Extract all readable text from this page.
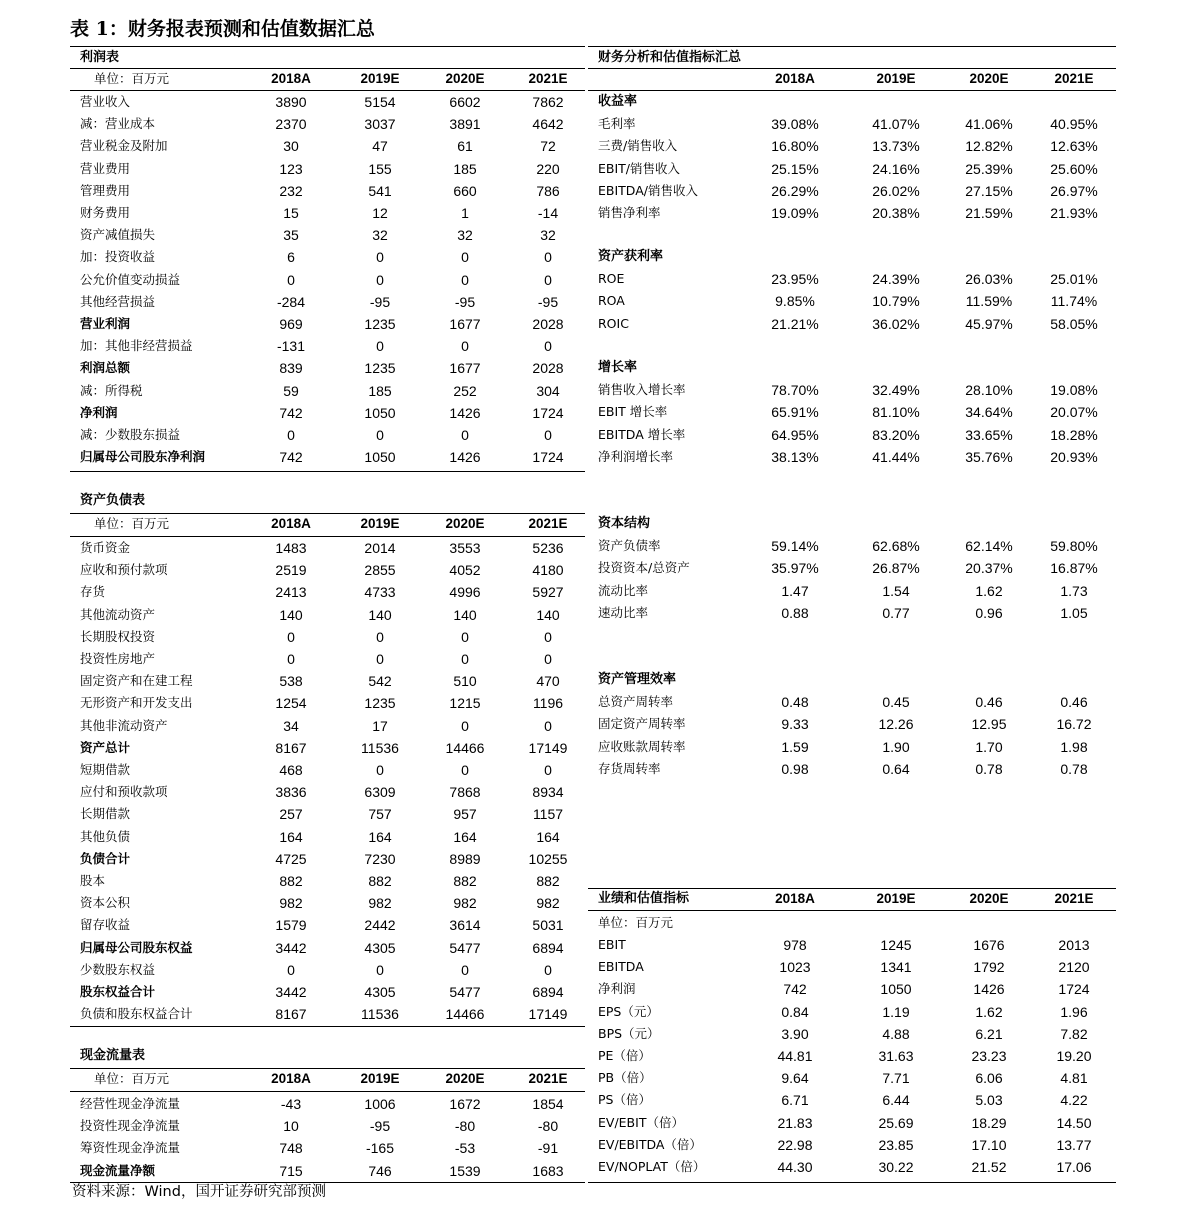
表 1：财务报表预测和估值数据汇总
利润表
单位：百万元	2018A	2019E	2020E	2021E
营业收入	3890	5154	6602	7862
减：营业成本	2370	3037	3891	4642
营业税金及附加	30	47	61	72
营业费用	123	155	185	220
管理费用	232	541	660	786
财务费用	15	12	1	-14
资产减值损失	35	32	32	32
加：投资收益	6	0	0	0
公允价值变动损益	0	0	0	0
其他经营损益	-284	-95	-95	-95
营业利润	969	1235	1677	2028
加：其他非经营损益	-131	0	0	0
利润总额	839	1235	1677	2028
减：所得税	59	185	252	304
净利润	742	1050	1426	1724
减：少数股东损益	0	0	0	0
归属母公司股东净利润	742	1050	1426	1724
资产负债表
单位：百万元	2018A	2019E	2020E	2021E
货币资金	1483	2014	3553	5236
应收和预付款项	2519	2855	4052	4180
存货	2413	4733	4996	5927
其他流动资产	140	140	140	140
长期股权投资	0	0	0	0
投资性房地产	0	0	0	0
固定资产和在建工程	538	542	510	470
无形资产和开发支出	1254	1235	1215	1196
其他非流动资产	34	17	0	0
资产总计	8167	11536	14466	17149
短期借款	468	0	0	0
应付和预收款项	3836	6309	7868	8934
长期借款	257	757	957	1157
其他负债	164	164	164	164
负债合计	4725	7230	8989	10255
股本	882	882	882	882
资本公积	982	982	982	982
留存收益	1579	2442	3614	5031
归属母公司股东权益	3442	4305	5477	6894
少数股东权益	0	0	0	0
股东权益合计	3442	4305	5477	6894
负债和股东权益合计	8167	11536	14466	17149
现金流量表
单位：百万元	2018A	2019E	2020E	2021E
经营性现金净流量	-43	1006	1672	1854
投资性现金净流量	10	-95	-80	-80
筹资性现金净流量	748	-165	-53	-91
现金流量净额	715	746	1539	1683
财务分析和估值指标汇总
2018A	2019E	2020E	2021E
收益率
毛利率	39.08%	41.07%	41.06%	40.95%
三费/销售收入	16.80%	13.73%	12.82%	12.63%
EBIT/销售收入	25.15%	24.16%	25.39%	25.60%
EBITDA/销售收入	26.29%	26.02%	27.15%	26.97%
销售净利率	19.09%	20.38%	21.59%	21.93%
资产获利率
ROE	23.95%	24.39%	26.03%	25.01%
ROA	9.85%	10.79%	11.59%	11.74%
ROIC	21.21%	36.02%	45.97%	58.05%
增长率
销售收入增长率	78.70%	32.49%	28.10%	19.08%
EBIT 增长率	65.91%	81.10%	34.64%	20.07%
EBITDA 增长率	64.95%	83.20%	33.65%	18.28%
净利润增长率	38.13%	41.44%	35.76%	20.93%
资本结构
资产负债率	59.14%	62.68%	62.14%	59.80%
投资资本/总资产	35.97%	26.87%	20.37%	16.87%
流动比率	1.47	1.54	1.62	1.73
速动比率	0.88	0.77	0.96	1.05
资产管理效率
总资产周转率	0.48	0.45	0.46	0.46
固定资产周转率	9.33	12.26	12.95	16.72
应收账款周转率	1.59	1.90	1.70	1.98
存货周转率	0.98	0.64	0.78	0.78
业绩和估值指标	2018A	2019E	2020E	2021E
单位：百万元
EBIT	978	1245	1676	2013
EBITDA	1023	1341	1792	2120
净利润	742	1050	1426	1724
EPS（元）	0.84	1.19	1.62	1.96
BPS（元）	3.90	4.88	6.21	7.82
PE（倍）	44.81	31.63	23.23	19.20
PB（倍）	9.64	7.71	6.06	4.81
PS（倍）	6.71	6.44	5.03	4.22
EV/EBIT（倍）	21.83	25.69	18.29	14.50
EV/EBITDA（倍）	22.98	23.85	17.10	13.77
EV/NOPLAT（倍）	44.30	30.22	21.52	17.06
资料来源：Wind，国开证券研究部预测
